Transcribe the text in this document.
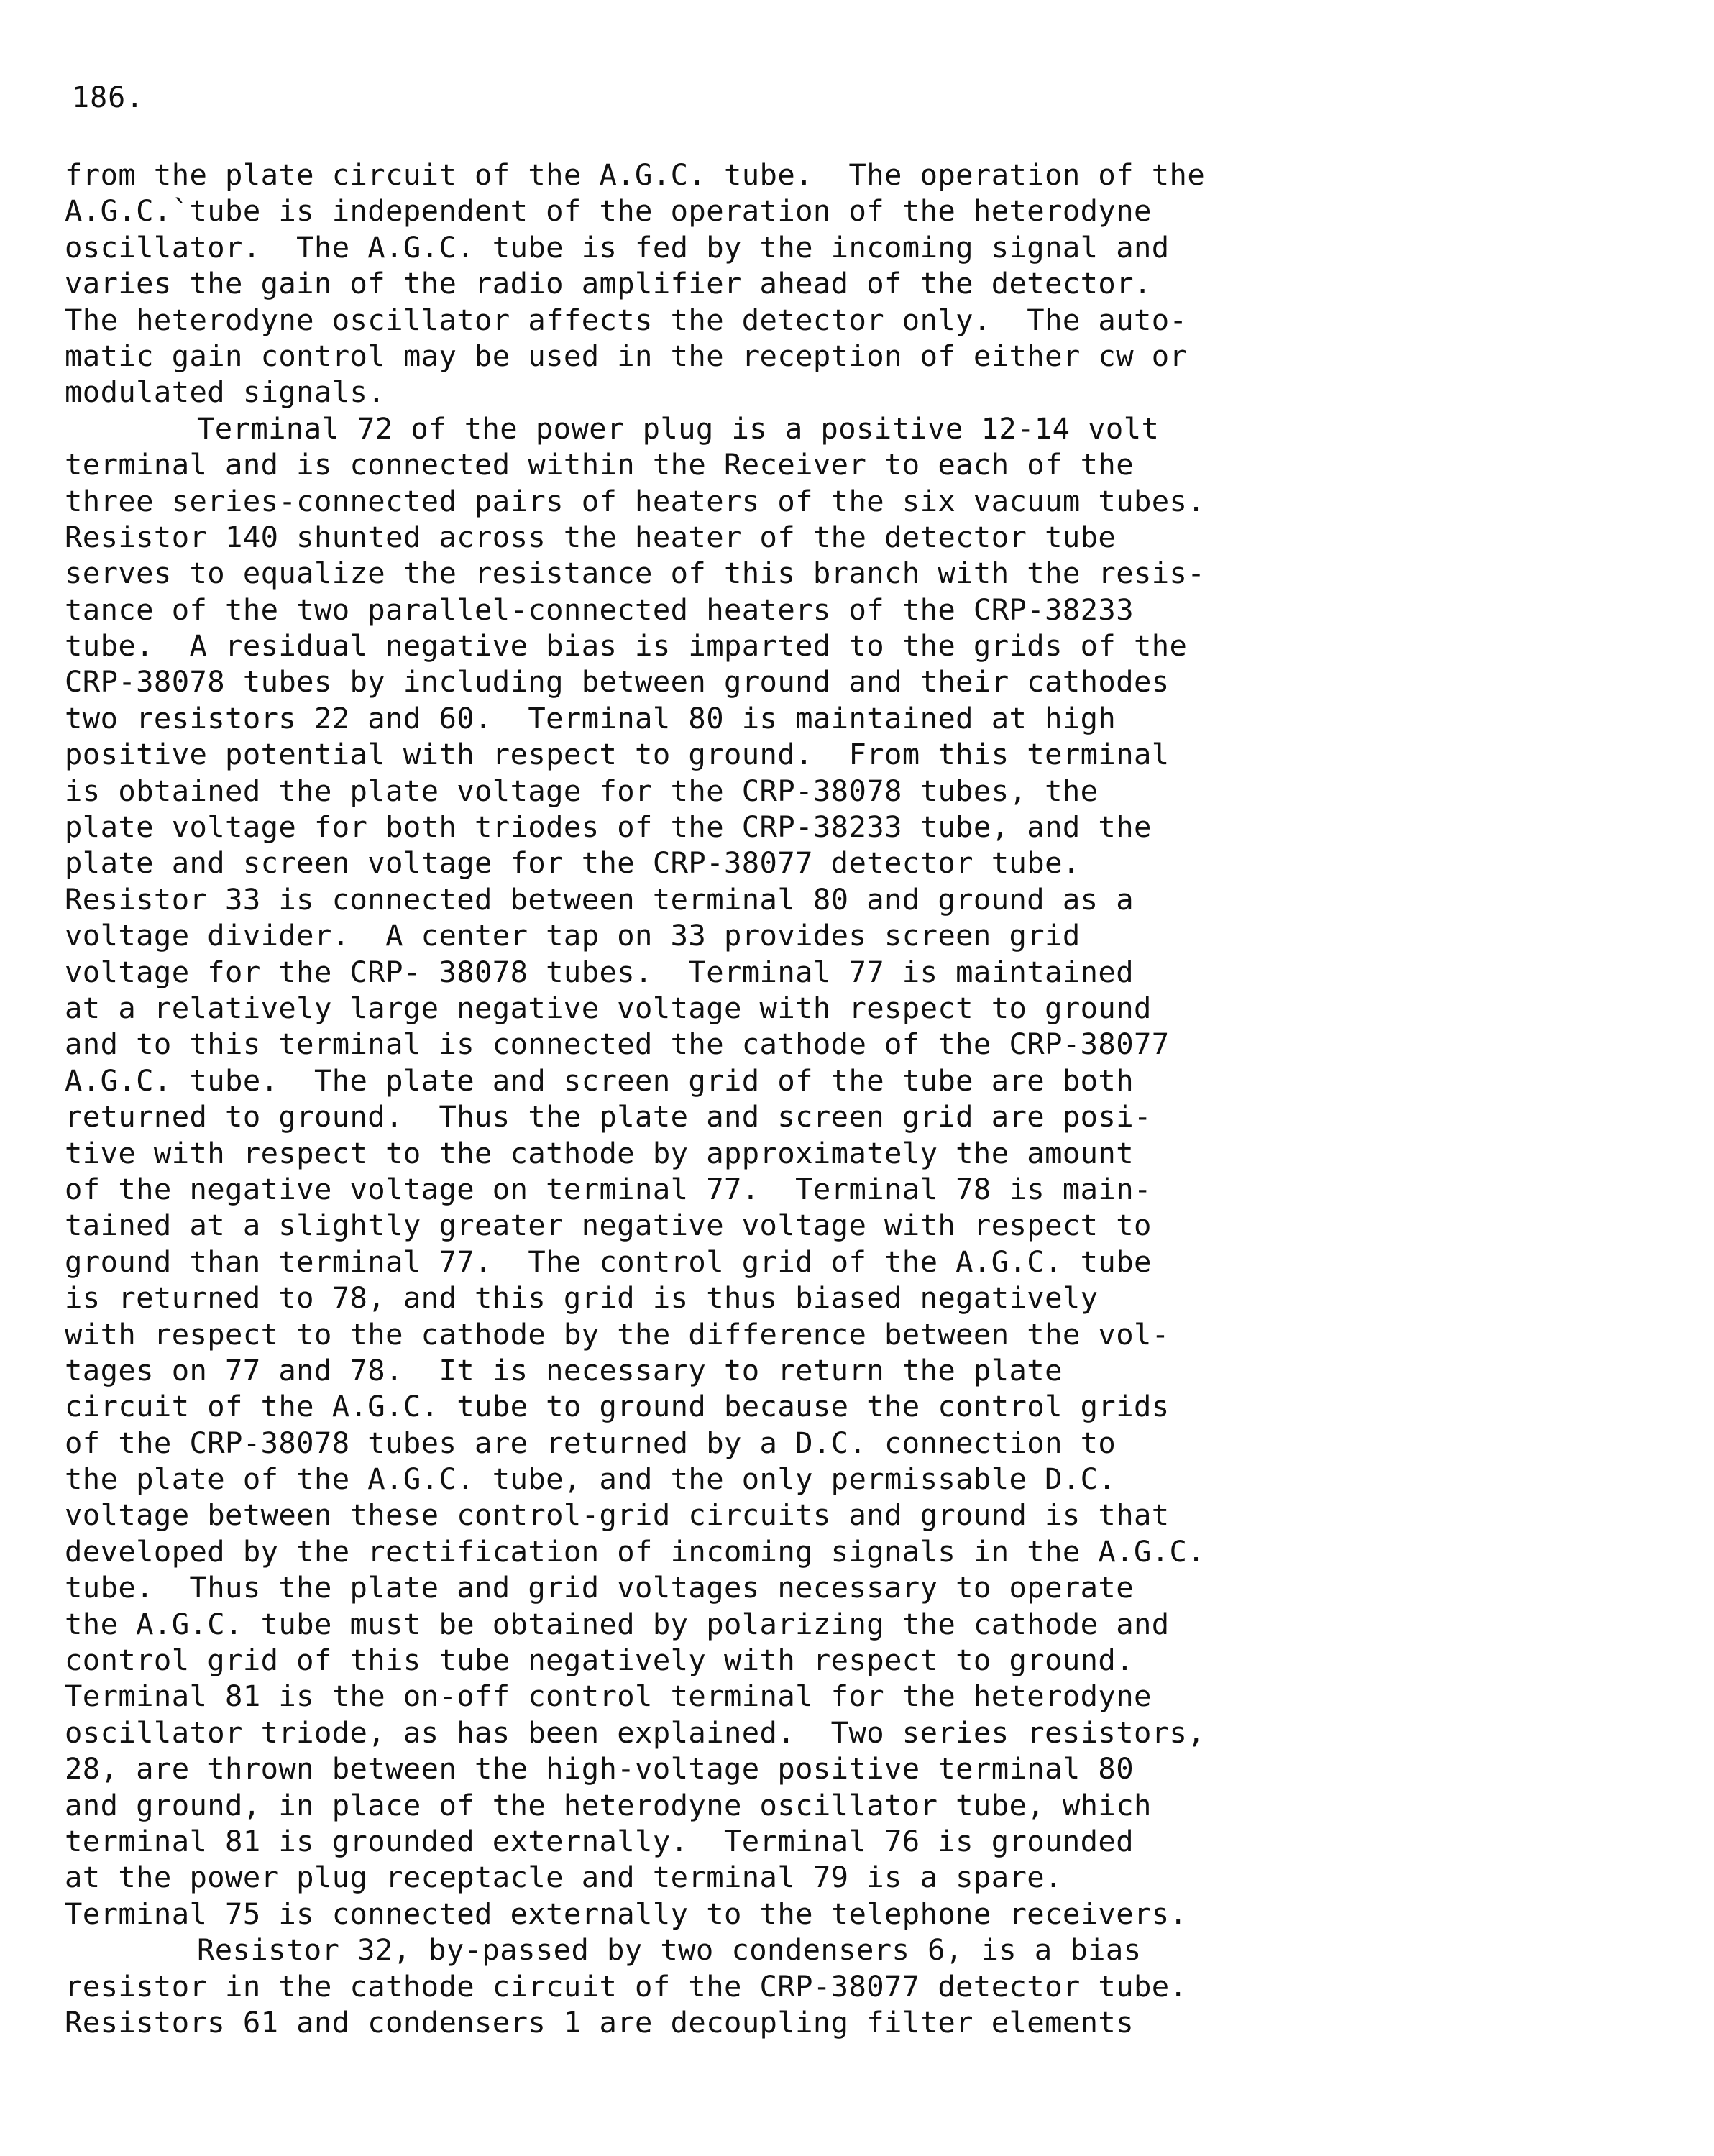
186.
from the plate circuit of the A.G.C. tube.  The operation of the
A.G.C.`tube is independent of the operation of the heterodyne
oscillator.  The A.G.C. tube is fed by the incoming signal and
varies the gain of the radio amplifier ahead of the detector.
The heterodyne oscillator affects the detector only.  The auto-
matic gain control may be used in the reception of either cw or
modulated signals.
Terminal 72 of the power plug is a positive 12-14 volt
terminal and is connected within the Receiver to each of the
three series-connected pairs of heaters of the six vacuum tubes.
Resistor 140 shunted across the heater of the detector tube
serves to equalize the resistance of this branch with the resis-
tance of the two parallel-connected heaters of the CRP-38233
tube.  A residual negative bias is imparted to the grids of the
CRP-38078 tubes by including between ground and their cathodes
two resistors 22 and 60.  Terminal 80 is maintained at high
positive potential with respect to ground.  From this terminal
is obtained the plate voltage for the CRP-38078 tubes, the
plate voltage for both triodes of the CRP-38233 tube, and the
plate and screen voltage for the CRP-38077 detector tube.
Resistor 33 is connected between terminal 80 and ground as a
voltage divider.  A center tap on 33 provides screen grid
voltage for the CRP- 38078 tubes.  Terminal 77 is maintained
at a relatively large negative voltage with respect to ground
and to this terminal is connected the cathode of the CRP-38077
A.G.C. tube.  The plate and screen grid of the tube are both
returned to ground.  Thus the plate and screen grid are posi-
tive with respect to the cathode by approximately the amount
of the negative voltage on terminal 77.  Terminal 78 is main-
tained at a slightly greater negative voltage with respect to
ground than terminal 77.  The control grid of the A.G.C. tube
is returned to 78, and this grid is thus biased negatively
with respect to the cathode by the difference between the vol-
tages on 77 and 78.  It is necessary to return the plate
circuit of the A.G.C. tube to ground because the control grids
of the CRP-38078 tubes are returned by a D.C. connection to
the plate of the A.G.C. tube, and the only permissable D.C.
voltage between these control-grid circuits and ground is that
developed by the rectification of incoming signals in the A.G.C.
tube.  Thus the plate and grid voltages necessary to operate
the A.G.C. tube must be obtained by polarizing the cathode and
control grid of this tube negatively with respect to ground.
Terminal 81 is the on-off control terminal for the heterodyne
oscillator triode, as has been explained.  Two series resistors,
28, are thrown between the high-voltage positive terminal 80
and ground, in place of the heterodyne oscillator tube, which
terminal 81 is grounded externally.  Terminal 76 is grounded
at the power plug receptacle and terminal 79 is a spare.
Terminal 75 is connected externally to the telephone receivers.
Resistor 32, by-passed by two condensers 6, is a bias
resistor in the cathode circuit of the CRP-38077 detector tube.
Resistors 61 and condensers 1 are decoupling filter elements
